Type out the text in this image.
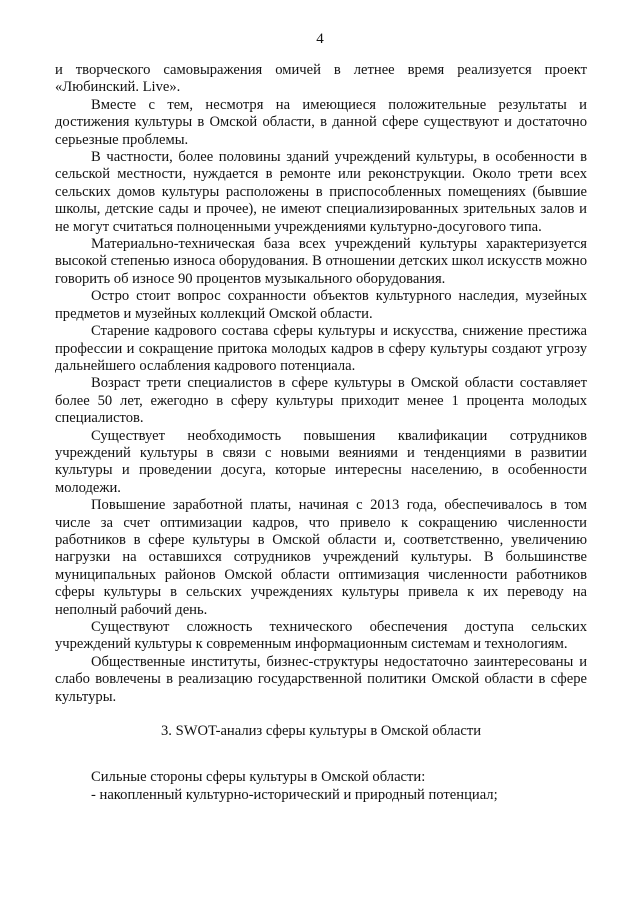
4

и творческого самовыражения омичей в летнее время реализуется проект «Любинский. Live».

Вместе с тем, несмотря на имеющиеся положительные результаты и достижения культуры в Омской области, в данной сфере существуют и достаточно серьезные проблемы.

В частности, более половины зданий учреждений культуры, в особенности в сельской местности, нуждается в ремонте или реконструкции. Около трети всех сельских домов культуры расположены в приспособленных помещениях (бывшие школы, детские сады и прочее), не имеют специализированных зрительных залов и не могут считаться полноценными учреждениями культурно-досугового типа.

Материально-техническая база всех учреждений культуры характеризуется высокой степенью износа оборудования. В отношении детских школ искусств можно говорить об износе 90 процентов музыкального оборудования.

Остро стоит вопрос сохранности объектов культурного наследия, музейных предметов и музейных коллекций Омской области.

Старение кадрового состава сферы культуры и искусства, снижение престижа профессии и сокращение притока молодых кадров в сферу культуры создают угрозу дальнейшего ослабления кадрового потенциала.

Возраст трети специалистов в сфере культуры в Омской области составляет более 50 лет, ежегодно в сферу культуры приходит менее 1 процента молодых специалистов.

Существует необходимость повышения квалификации сотрудников учреждений культуры в связи с новыми веяниями и тенденциями в развитии культуры и проведении досуга, которые интересны населению, в особенности молодежи.

Повышение заработной платы, начиная с 2013 года, обеспечивалось в том числе за счет оптимизации кадров, что привело к сокращению численности работников в сфере культуры в Омской области и, соответственно, увеличению нагрузки на оставшихся сотрудников учреждений культуры. В большинстве муниципальных районов Омской области оптимизация численности работников сферы культуры в сельских учреждениях культуры привела к их переводу на неполный рабочий день.

Существуют сложность технического обеспечения доступа сельских учреждений культуры к современным информационным системам и технологиям.

Общественные институты, бизнес-структуры недостаточно заинтересованы и слабо вовлечены в реализацию государственной политики Омской области в сфере культуры.

3. SWOT-анализ сферы культуры в Омской области

Сильные стороны сферы культуры в Омской области:

- накопленный культурно-исторический и природный потенциал;
